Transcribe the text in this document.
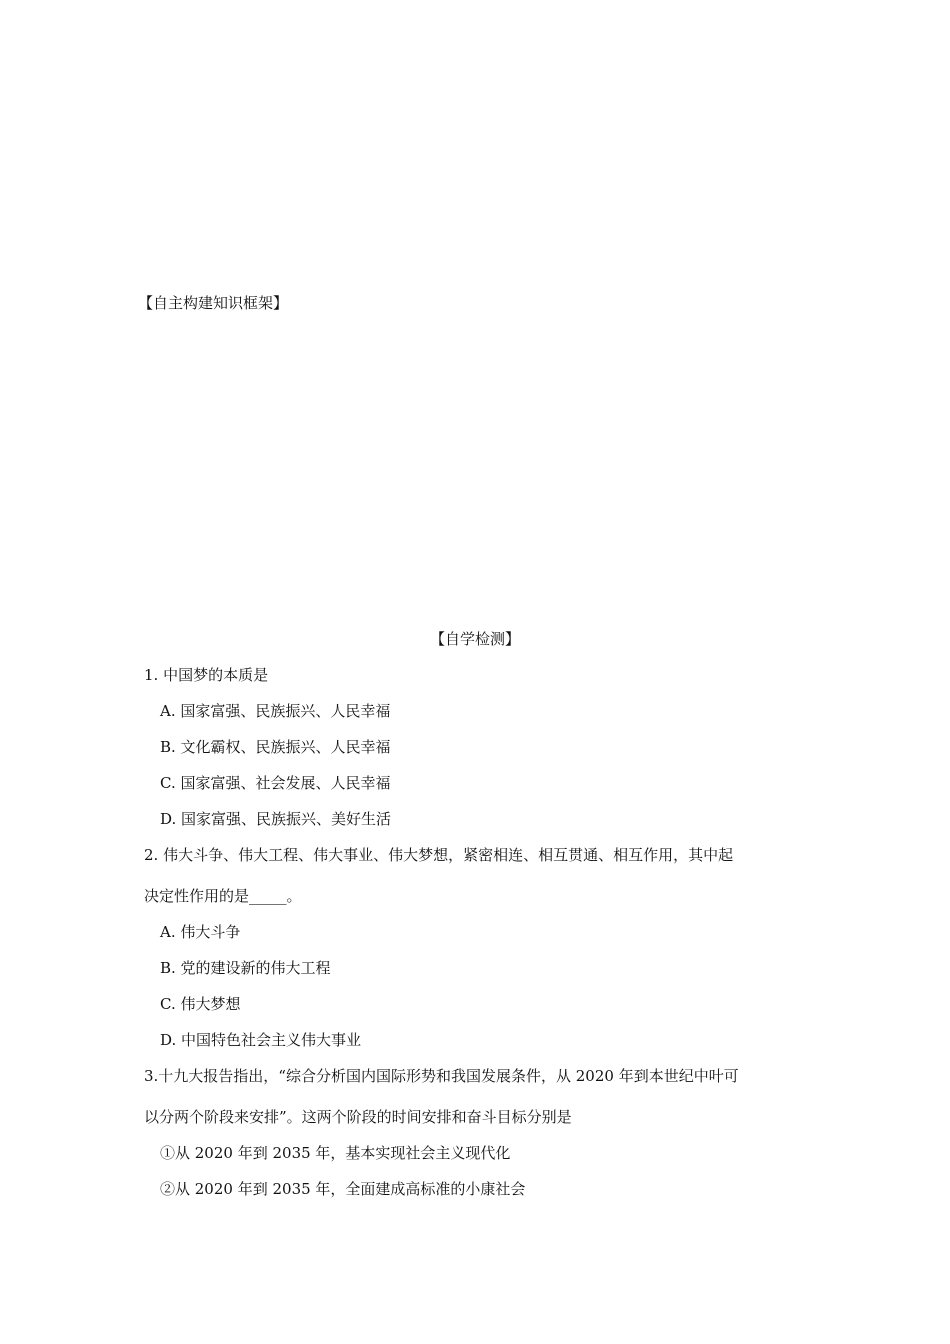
【自主构建知识框架】
【自学检测】
1. 中国梦的本质是
A. 国家富强、民族振兴、人民幸福
B. 文化霸权、民族振兴、人民幸福
C. 国家富强、社会发展、人民幸福
D. 国家富强、民族振兴、美好生活
2. 伟大斗争、伟大工程、伟大事业、伟大梦想，紧密相连、相互贯通、相互作用，其中起
决定性作用的是_____。
A. 伟大斗争
B. 党的建设新的伟大工程
C. 伟大梦想
D. 中国特色社会主义伟大事业
3.十九大报告指出，“综合分析国内国际形势和我国发展条件，从 2020 年到本世纪中叶可
以分两个阶段来安排”。这两个阶段的时间安排和奋斗目标分别是
①从 2020 年到 2035 年，基本实现社会主义现代化
②从 2020 年到 2035 年，全面建成高标准的小康社会
